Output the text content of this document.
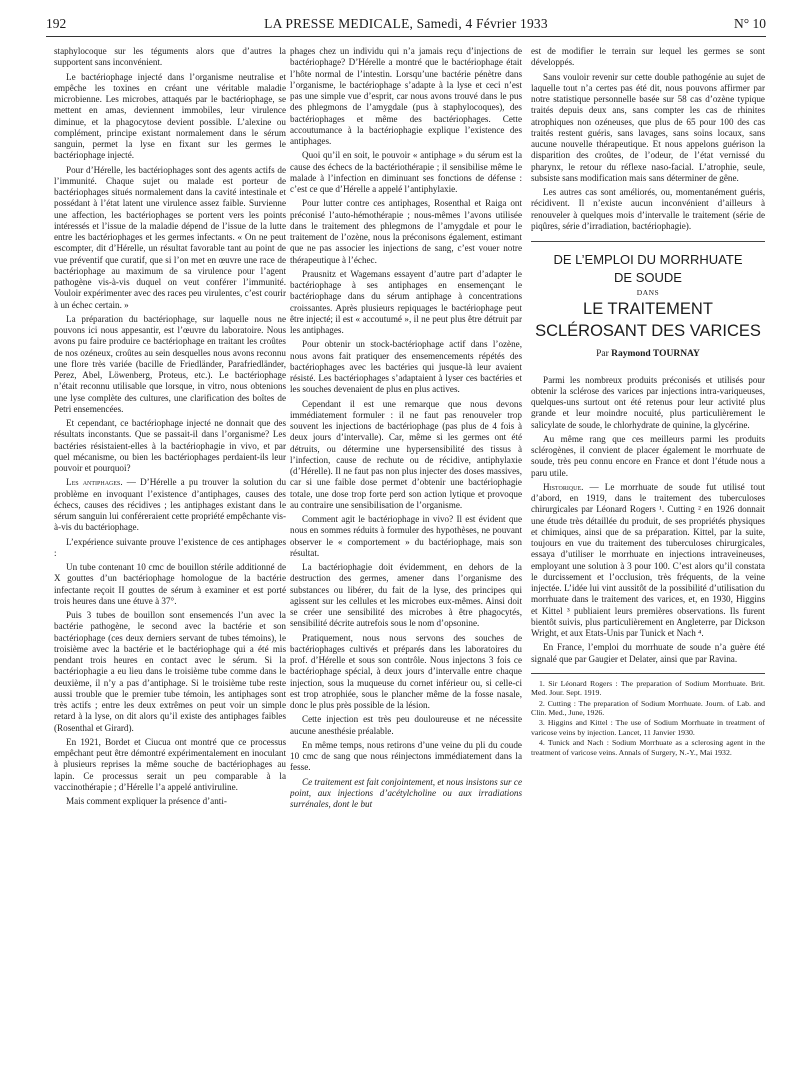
192	LA PRESSE MEDICALE, Samedi, 4 Février 1933	N° 10

staphylocoque sur les téguments alors que d’autres la supportent sans inconvénient.

Le bactériophage injecté dans l’organisme neutralise et empêche les toxines en créant une véritable maladie microbienne. Les microbes, attaqués par le bactériophage, se mettent en amas, deviennent immobiles, leur virulence diminue, et la phagocytose devient possible. L’alexine ou complément, principe existant normalement dans le sérum sanguin, permet la lyse en fixant sur les germes le bactériophage injecté.

Pour d’Hérelle, les bactériophages sont des agents actifs de l’immunité. Chaque sujet ou malade est porteur de bactériophages situés normalement dans la cavité intestinale et possédant à l’état latent une virulence assez faible. Survienne une affection, les bactériophages se portent vers les points intéressés et l’issue de la maladie dépend de l’issue de la lutte entre les bactériophages et les germes infectants. « On ne peut escompter, dit d’Hérelle, un résultat favorable tant au point de vue préventif que curatif, que si l’on met en œuvre une race de bactériophage au maximum de sa virulence pour l’agent pathogène vis-à-vis duquel on veut conférer l’immunité. Vouloir expérimenter avec des races peu virulentes, c’est courir à un échec certain. »

La préparation du bactériophage, sur laquelle nous ne pouvons ici nous appesantir, est l’œuvre du laboratoire. Nous avons pu faire produire ce bactériophage en traitant les croûtes de nos ozéneux, croûtes au sein desquelles nous avons reconnu une flore très variée (bacille de Friedländer, Parafriedländer, Perez, Abel, Löwenberg, Proteus, etc.). Le bactériophage n’était reconnu utilisable que lorsque, in vitro, nous obtenions une lyse complète des cultures, une clarification des boîtes de Petri ensemencées.

Et cependant, ce bactériophage injecté ne donnait que des résultats inconstants. Que se passait-il dans l’organisme? Les bactéries résistaient-elles à la bactériophagie in vivo, et par quel mécanisme, ou bien les bactériophages perdaient-ils leur pouvoir et pourquoi?

Les antiphages. — D’Hérelle a pu trouver la solution du problème en invoquant l’existence d’antiphages, causes des échecs, causes des récidives ; les antiphages existant dans le sérum sanguin lui conféreraient cette propriété empêchante vis-à-vis du bactériophage.

L’expérience suivante prouve l’existence de ces antiphages :

Un tube contenant 10 cmc de bouillon stérile additionné de X gouttes d’un bactériophage homologue de la bactérie infectante reçoit II gouttes de sérum à examiner et est porté trois heures dans une étuve à 37°.

Puis 3 tubes de bouillon sont ensemencés l’un avec la bactérie pathogène, le second avec la bactérie et son bactériophage (ces deux derniers servant de tubes témoins), le troisième avec la bactérie et le bactériophage qui a été mis pendant trois heures en contact avec le sérum. Si la bactériophagie a eu lieu dans le troisième tube comme dans le deuxième, il n’y a pas d’antiphage. Si le troisième tube reste aussi trouble que le premier tube témoin, les antiphages sont très actifs ; entre les deux extrêmes on peut voir un simple retard à la lyse, on dit alors qu’il existe des antiphages faibles (Rosenthal et Girard).

En 1921, Bordet et Ciucua ont montré que ce processus empêchant peut être démontré expérimentalement en inoculant à plusieurs reprises la même souche de bactériophages au lapin. Ce processus serait un peu comparable à la vaccinothérapie ; d’Hérelle l’a appelé antiviruline.

Mais comment expliquer la présence d’anti-

phages chez un individu qui n’a jamais reçu d’injections de bactériophage? D’Hérelle a montré que le bactériophage était l’hôte normal de l’intestin. Lorsqu’une bactérie pénètre dans l’organisme, le bactériophage s’adapte à la lyse et ceci n’est pas une simple vue d’esprit, car nous avons trouvé dans le pus des phlegmons de l’amygdale (pus à staphylocoques), des bactériophages et même des bactériophages. Cette accoutumance à la bactériophagie explique l’existence des antiphages.

Quoi qu’il en soit, le pouvoir « antiphage » du sérum est la cause des échecs de la bactériothérapie ; il sensibilise même le malade à l’infection en diminuant ses fonctions de défense : c’est ce que d’Hérelle a appelé l’antiphylaxie.

Pour lutter contre ces antiphages, Rosenthal et Raiga ont préconisé l’auto-hémothérapie ; nous-mêmes l’avons utilisée dans le traitement des phlegmons de l’amygdale et pour le traitement de l’ozène, nous la préconisons également, estimant que ne pas associer les injections de sang, c’est vouer notre thérapeutique à l’échec.

Prausnitz et Wagemans essayent d’autre part d’adapter le bactériophage à ses antiphages en ensemençant le bactériophage dans du sérum antiphage à concentrations croissantes. Après plusieurs repiquages le bactériophage peut être injecté; il est « accoutumé », il ne peut plus être détruit par les antiphages.

Pour obtenir un stock-bactériophage actif dans l’ozène, nous avons fait pratiquer des ensemencements répétés des bactériophages avec les bactéries qui jusque-là leur avaient résisté. Les bactériophages s’adaptaient à lyser ces bactéries et les souches devenaient de plus en plus actives.

Cependant il est une remarque que nous devons immédiatement formuler : il ne faut pas renouveler trop souvent les injections de bactériophage (pas plus de 4 fois à deux jours d’intervalle). Car, même si les germes ont été détruits, ou détermine une hypersensibilité des tissus à l’infection, cause de rechute ou de récidive, antiphylaxie (d’Hérelle). Il ne faut pas non plus injecter des doses massives, car si une faible dose permet d’obtenir une bactériophagie totale, une dose trop forte perd son action lytique et provoque au contraire une sensibilisation de l’organisme.

Comment agit le bactériophage in vivo? Il est évident que nous en sommes réduits à formuler des hypothèses, ne pouvant observer le « comportement » du bactériophage, mais son résultat.

La bactériophagie doit évidemment, en dehors de la destruction des germes, amener dans l’organisme des substances ou libérer, du fait de la lyse, des principes qui agissent sur les cellules et les microbes eux-mêmes. Ainsi doit se créer une sensibilité des microbes à être phagocytés, sensibilité décrite autrefois sous le nom d’opsonine.

Pratiquement, nous nous servons des souches de bactériophages cultivés et préparés dans les laboratoires du prof. d’Hérelle et sous son contrôle. Nous injectons 3 fois ce bactériophage spécial, à deux jours d’intervalle entre chaque injection, sous la muqueuse du cornet inférieur ou, si celle-ci est trop atrophiée, sous le plancher même de la fosse nasale, donc le plus près possible de la lésion.

Cette injection est très peu douloureuse et ne nécessite aucune anesthésie préalable.

En même temps, nous retirons d’une veine du pli du coude 10 cmc de sang que nous réinjectons immédiatement dans la fesse.

Ce traitement est fait conjointement, et nous insistons sur ce point, aux injections d’acétylcholine ou aux irradiations surrénales, dont le but

est de modifier le terrain sur lequel les germes se sont développés.

Sans vouloir revenir sur cette double pathogénie au sujet de laquelle tout n’a certes pas été dit, nous pouvons affirmer par notre statistique personnelle basée sur 58 cas d’ozène typique traités depuis deux ans, sans compter les cas de rhinites atrophiques non ozéneuses, que plus de 65 pour 100 des cas traités restent guéris, sans lavages, sans soins locaux, sans aucune nouvelle thérapeutique. Et nous appelons guérison la disparition des croûtes, de l’odeur, de l’état vernissé du pharynx, le retour du réflexe naso-facial. L’atrophie, seule, subsiste sans modification mais sans déterminer de gêne.

Les autres cas sont améliorés, ou, momentanément guéris, récidivent. Il n’existe aucun inconvénient d’ailleurs à renouveler à quelques mois d’intervalle le traitement (série de piqûres, série d’irradiation, bactériophagie).

DE L’EMPLOI DU MORRHUATE
DE SOUDE
DANS
LE TRAITEMENT
SCLÉROSANT DES VARICES
Par Raymond TOURNAY

Parmi les nombreux produits préconisés et utilisés pour obtenir la sclérose des varices par injections intra-variqueuses, quelques-uns surtout ont été retenus pour leur activité plus grande et leur moindre nocuité, plus particulièrement le salicylate de soude, le chlorhydrate de quinine, la glycérine.

Au même rang que ces meilleurs parmi les produits sclérogènes, il convient de placer également le morrhuate de soude, très peu connu encore en France et dont l’étude nous a paru utile.

Historique. — Le morrhuate de soude fut utilisé tout d’abord, en 1919, dans le traitement des tuberculoses chirurgicales par Léonard Rogers ¹. Cutting ² en 1926 donnait une étude très détaillée du produit, de ses propriétés physiques et chimiques, ainsi que de sa préparation. Kittel, par la suite, toujours en vue du traitement des tuberculoses chirurgicales, essaya d’utiliser le morrhuate en injections intraveineuses, employant une solution à 3 pour 100. C’est alors qu’il constata le durcissement et l’occlusion, très fréquents, de la veine injectée. L’idée lui vint aussitôt de la possibilité d’utilisation du morrhuate dans le traitement des varices, et, en 1930, Higgins et Kittel ³ publiaient leurs premières observations. Ils furent bientôt suivis, plus particulièrement en Angleterre, par Dickson Wright, et aux Etats-Unis par Tunick et Nach ⁴.

En France, l’emploi du morrhuate de soude n’a guère été signalé que par Gaugier et Delater, ainsi que par Ravina.

1. Sir Léonard Rogers : The preparation of Sodium Morrhuate. Brit. Med. Jour. Sept. 1919.
2. Cutting : The preparation of Sodium Morrhuate. Journ. of Lab. and Clin. Med., June, 1926.
3. Higgins and Kittel : The use of Sodium Morrhuate in treatment of varicose veins by injection. Lancet, 11 Janvier 1930.
4. Tunick and Nach : Sodium Morrhuate as a sclerosing agent in the treatment of varicose veins. Annals of Surgery, N.-Y., Mai 1932.
